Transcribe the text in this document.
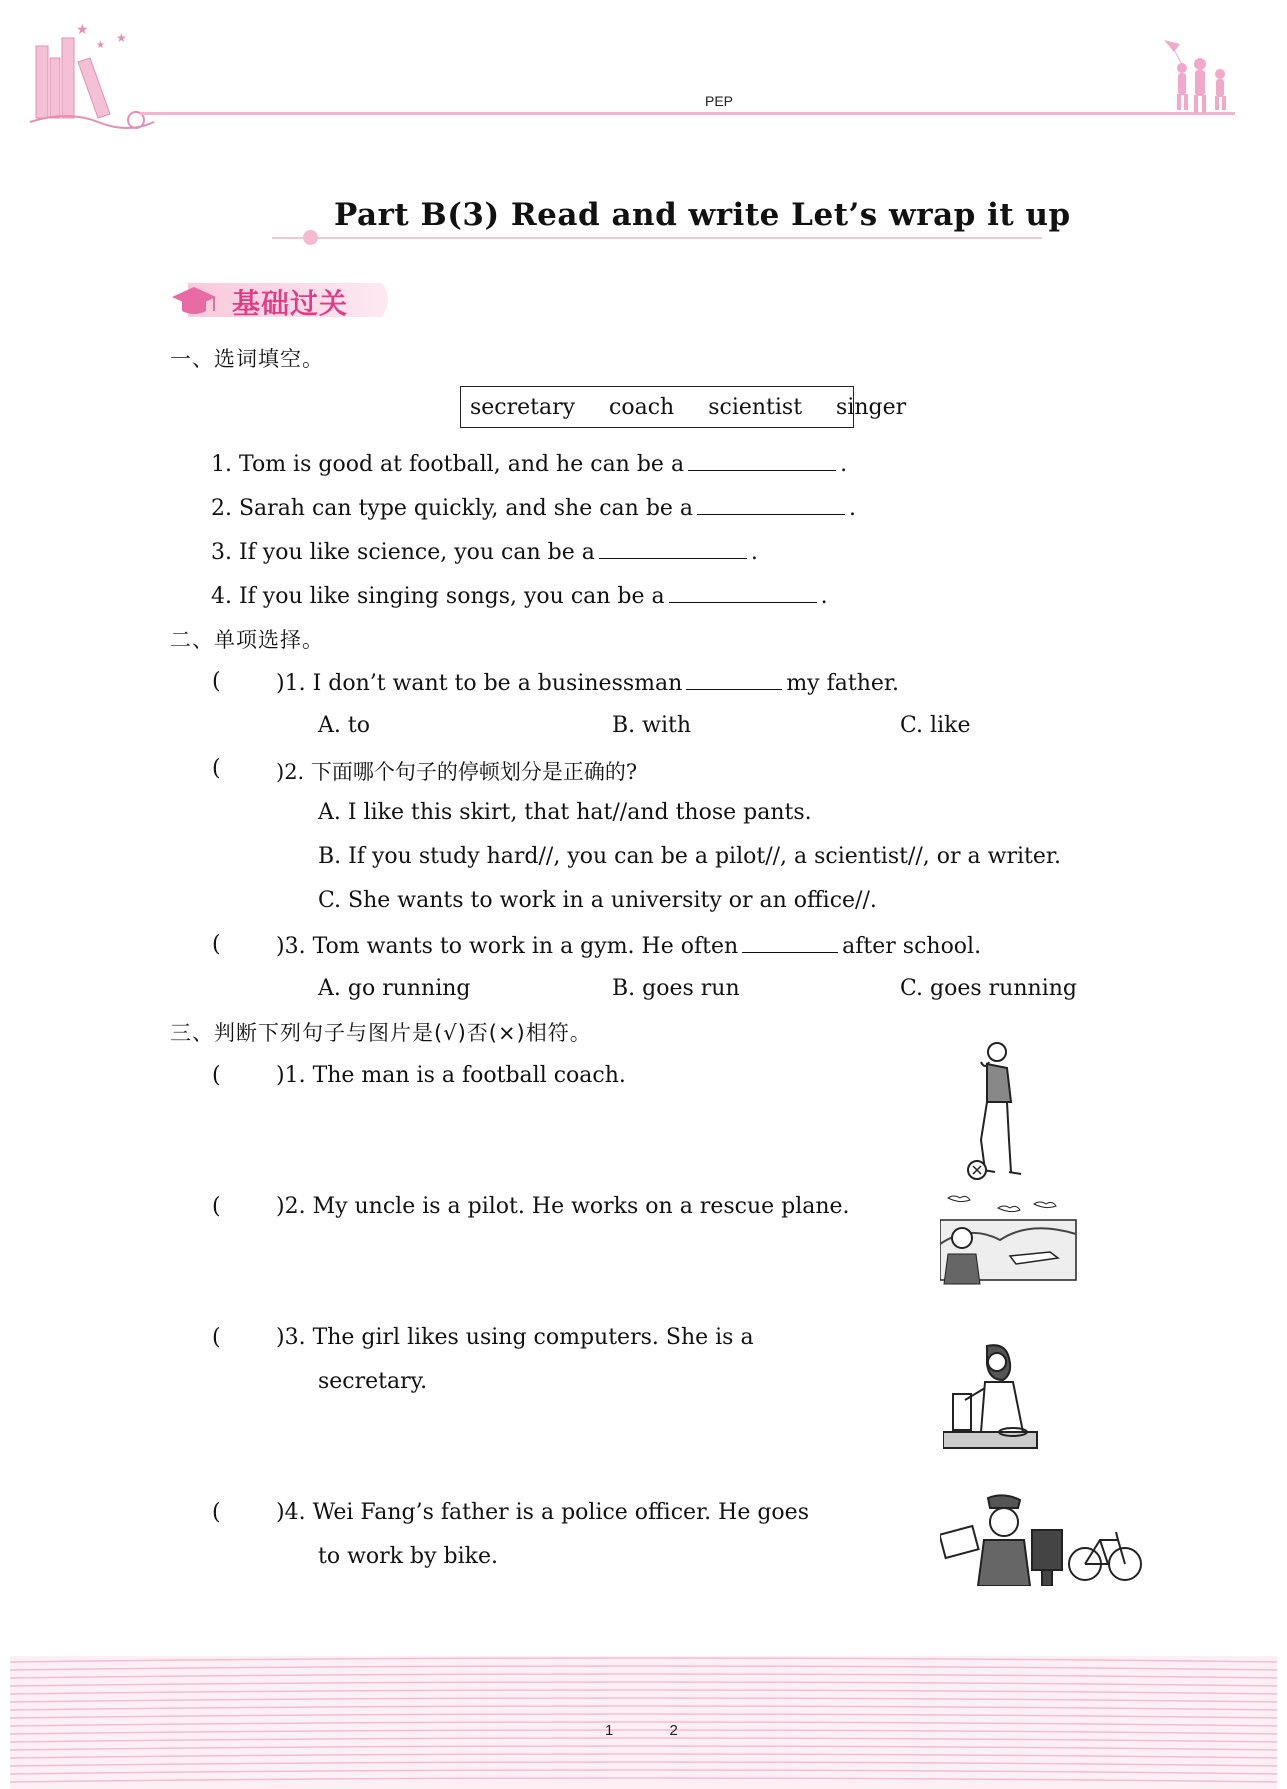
★
★
★
PEP
Part B(3) Read and write Let’s wrap it up
基础过关
一、选词填空。
secretary  coach  scientist  singer
1. Tom is good at football, and he can be a	.
2. Sarah can type quickly, and she can be a	.
3. If you like science, you can be a	.
4. If you like singing songs, you can be a	.
二、单项选择。
(	)1. I don’t want to be a businessman	my father.
A. to	B. with	C. like
(	)2. 下面哪个句子的停顿划分是正确的?
A. I like this skirt, that hat//and those pants.
B. If you study hard//, you can be a pilot//, a scientist//, or a writer.
C. She wants to work in a university or an office//.
(	)3. Tom wants to work in a gym. He often	after school.
A. go running	B. goes run	C. goes running
三、判断下列句子与图片是(√)否(×)相符。
(	)1. The man is a football coach.
(	)2. My uncle is a pilot. He works on a rescue plane.
(	)3. The girl likes using computers. She is a
secretary.
(	)4. Wei Fang’s father is a police officer. He goes
to work by bike.
1 2
